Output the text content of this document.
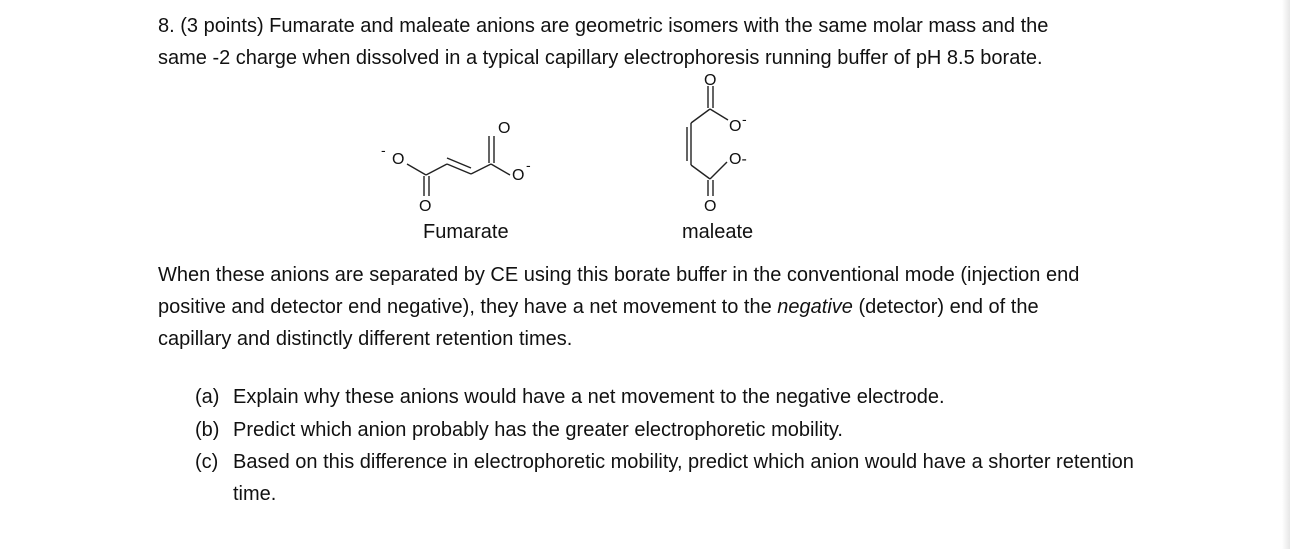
8. (3 points) Fumarate and maleate anions are geometric isomers with the same molar mass and the
same -2 charge when dissolved in a typical capillary electrophoresis running buffer of pH 8.5 borate.

-
O
O
O
-
O
O
O -
O-
O
Fumarate	maleate

When these anions are separated by CE using this borate buffer in the conventional mode (injection end
positive and detector end negative), they have a net movement to the negative (detector) end of the
capillary and distinctly different retention times.

(a) Explain why these anions would have a net movement to the negative electrode.
(b) Predict which anion probably has the greater electrophoretic mobility.
(c) Based on this difference in electrophoretic mobility, predict which anion would have a shorter retention time.
